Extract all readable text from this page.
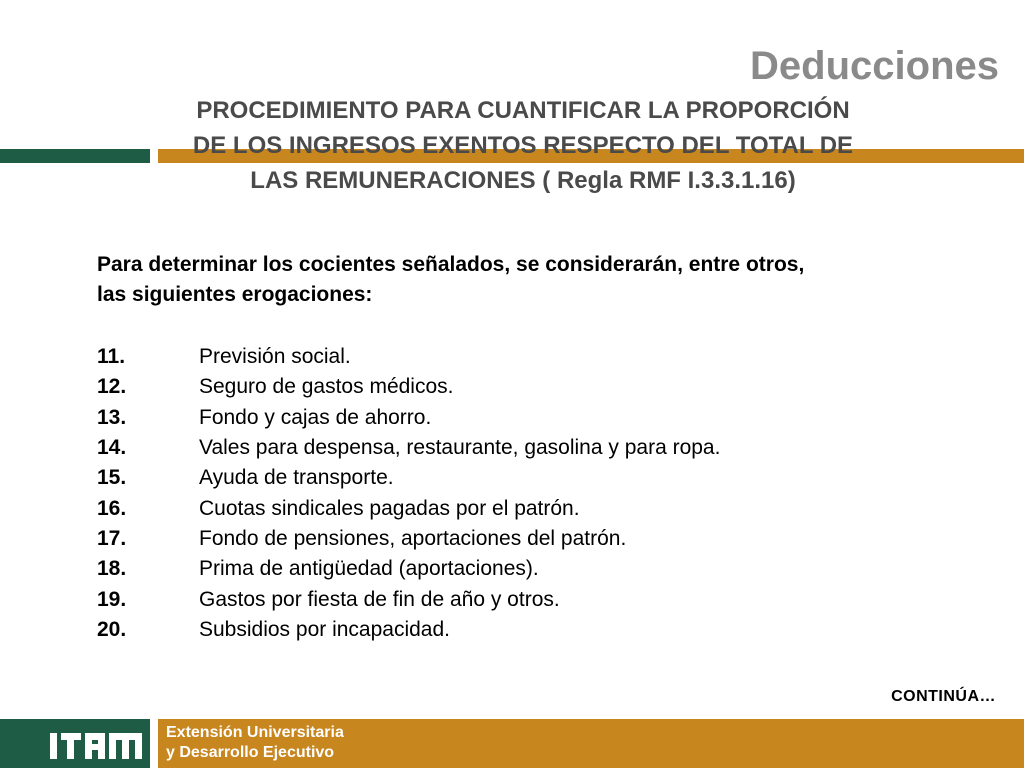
Deducciones
PROCEDIMIENTO PARA CUANTIFICAR LA PROPORCIÓN
DE LOS INGRESOS EXENTOS RESPECTO DEL TOTAL DE
LAS REMUNERACIONES ( Regla RMF I.3.3.1.16)

Para determinar los cocientes señalados, se considerarán, entre otros,
las siguientes erogaciones:

11.	Previsión social.
12.	Seguro de gastos médicos.
13.	Fondo y cajas de ahorro.
14.	Vales para despensa, restaurante, gasolina y para ropa.
15.	Ayuda de transporte.
16.	Cuotas sindicales pagadas por el patrón.
17.	Fondo de pensiones, aportaciones del patrón.
18.	Prima de antigüedad (aportaciones).
19.	Gastos por fiesta de fin de año y otros.
20.	Subsidios por incapacidad.

CONTINÚA…

Extensión Universitaria
y Desarrollo Ejecutivo
